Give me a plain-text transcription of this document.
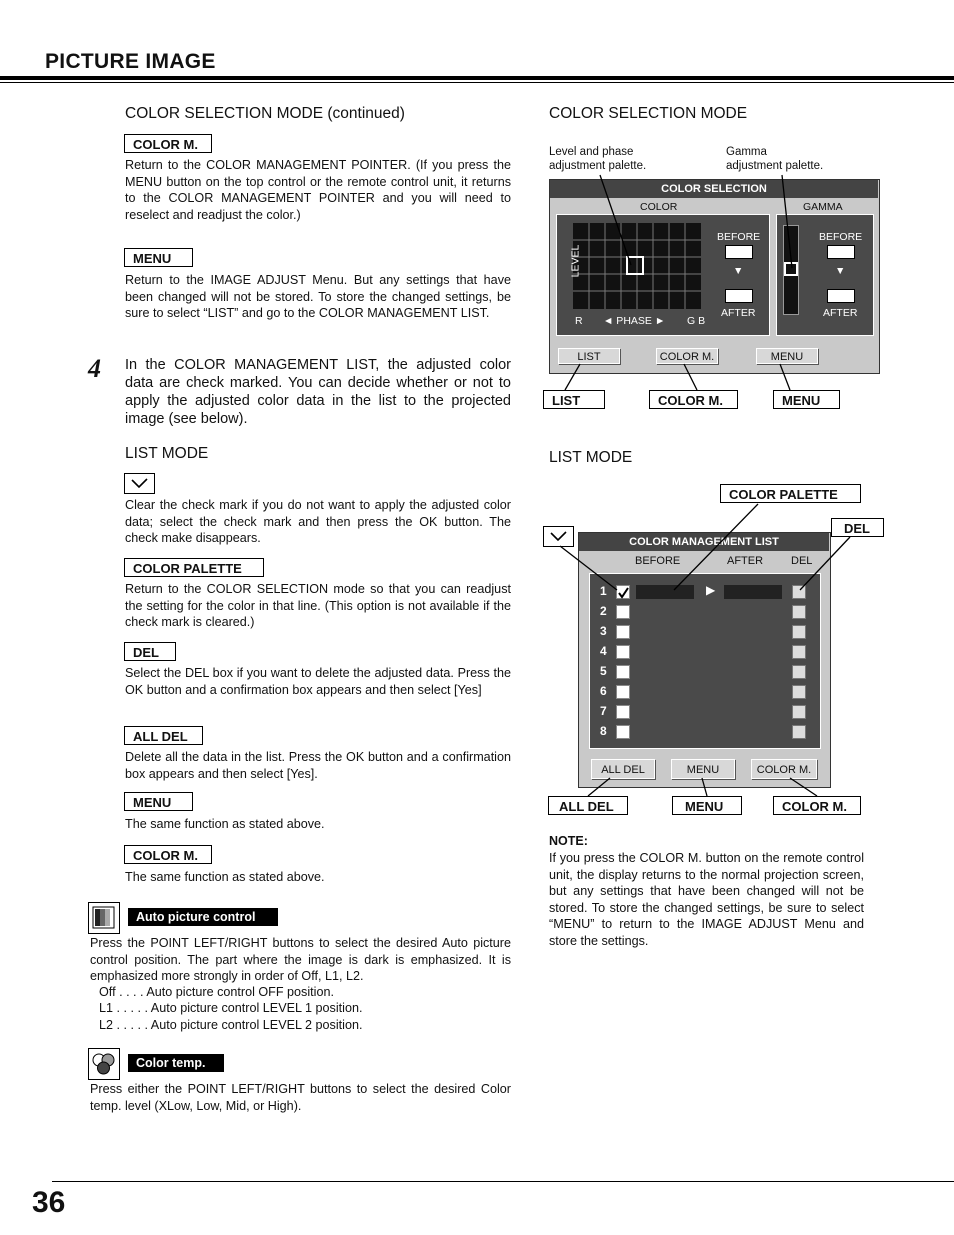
PICTURE IMAGE
COLOR SELECTION MODE (continued)
COLOR M.
Return to the COLOR MANAGEMENT POINTER. (If you press the MENU button on the top control or the remote control unit, it returns to the COLOR MANAGEMENT POINTER and you will need to reselect and readjust the color.)
MENU
Return to the IMAGE ADJUST Menu. But any settings that have been changed will not be stored. To store the changed settings, be sure to select “LIST” and go to the COLOR MANAGEMENT LIST.
4 In the COLOR MANAGEMENT LIST, the adjusted color data are check marked. You can decide whether or not to apply the adjusted color data in the list to the projected image (see below).
LIST MODE
Clear the check mark if you do not want to apply the adjusted color data; select the check mark and then press the OK button. The check make disappears.
COLOR PALETTE
Return to the COLOR SELECTION mode so that you can readjust the setting for the color in that line. (This option is not available if the check mark is cleared.)
DEL
Select the DEL box if you want to delete the adjusted data. Press the OK button and a confirmation box appears and then select [Yes]
ALL DEL
Delete all the data in the list. Press the OK button and a confirmation box appears and then select [Yes].
MENU
The same function as stated above.
COLOR M.
The same function as stated above.
Auto picture control
Press the POINT LEFT/RIGHT buttons to select the desired Auto picture control position. The part where the image is dark is emphasized. It is emphasized more strongly in order of Off, L1, L2.
Off . . . . Auto picture control OFF position.
L1 . . . . . Auto picture control LEVEL 1 position.
L2 . . . . . Auto picture control LEVEL 2 position.
Color temp.
Press either the POINT LEFT/RIGHT buttons to select the desired Color temp. level (XLow, Low, Mid, or High).
COLOR SELECTION MODE
Level and phase
adjustment palette.
Gamma
adjustment palette.
COLOR SELECTION
COLOR	GAMMA
LEVEL
R ◄ PHASE ► G B
BEFORE
▼
AFTER
BEFORE
▼
AFTER
LIST	COLOR M.	MENU
LIST	COLOR M.	MENU
LIST MODE
COLOR PALETTE
DEL
COLOR MANAGEMENT LIST
BEFORE	AFTER	DEL
1
2
3
4
5
6
7
8
▶
ALL DEL	MENU	COLOR M.
ALL DEL	MENU	COLOR M.
NOTE:
If you press the COLOR M. button on the remote control unit, the display returns to the normal projection screen, but any settings that have been changed will not be stored. To store the changed settings, be sure to select “MENU” to return to the IMAGE ADJUST Menu and store the settings.
36
